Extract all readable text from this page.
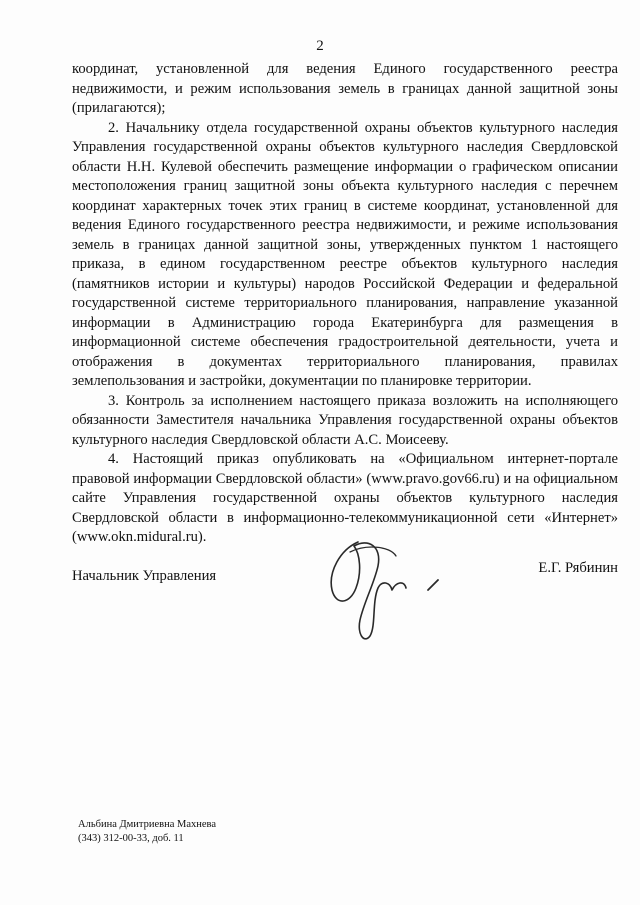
2

координат, установленной для ведения Единого государственного реестра недвижимости, и режим использования земель в границах данной защитной зоны (прилагаются);

2. Начальнику отдела государственной охраны объектов культурного наследия Управления государственной охраны объектов культурного наследия Свердловской области Н.Н. Кулевой обеспечить размещение информации о графическом описании местоположения границ защитной зоны объекта культурного наследия с перечнем координат характерных точек этих границ в системе координат, установленной для ведения Единого государственного реестра недвижимости, и режиме использования земель в границах данной защитной зоны, утвержденных пунктом 1 настоящего приказа, в едином государственном реестре объектов культурного наследия (памятников истории и культуры) народов Российской Федерации и федеральной государственной системе территориального планирования, направление указанной информации в Администрацию города Екатеринбурга для размещения в информационной системе обеспечения градостроительной деятельности, учета и отображения в документах территориального планирования, правилах землепользования и застройки, документации по планировке территории.

3. Контроль за исполнением настоящего приказа возложить на исполняющего обязанности Заместителя начальника Управления государственной охраны объектов культурного наследия Свердловской области А.С. Моисееву.

4. Настоящий приказ опубликовать на «Официальном интернет-портале правовой информации Свердловской области» (www.pravo.gov66.ru) и на официальном сайте Управления государственной охраны объектов культурного наследия Свердловской области в информационно-телекоммуникационной сети «Интернет» (www.okn.midural.ru).

Начальник Управления	Е.Г. Рябинин
Альбина Дмитриевна Махнева
(343) 312-00-33, доб. 11
